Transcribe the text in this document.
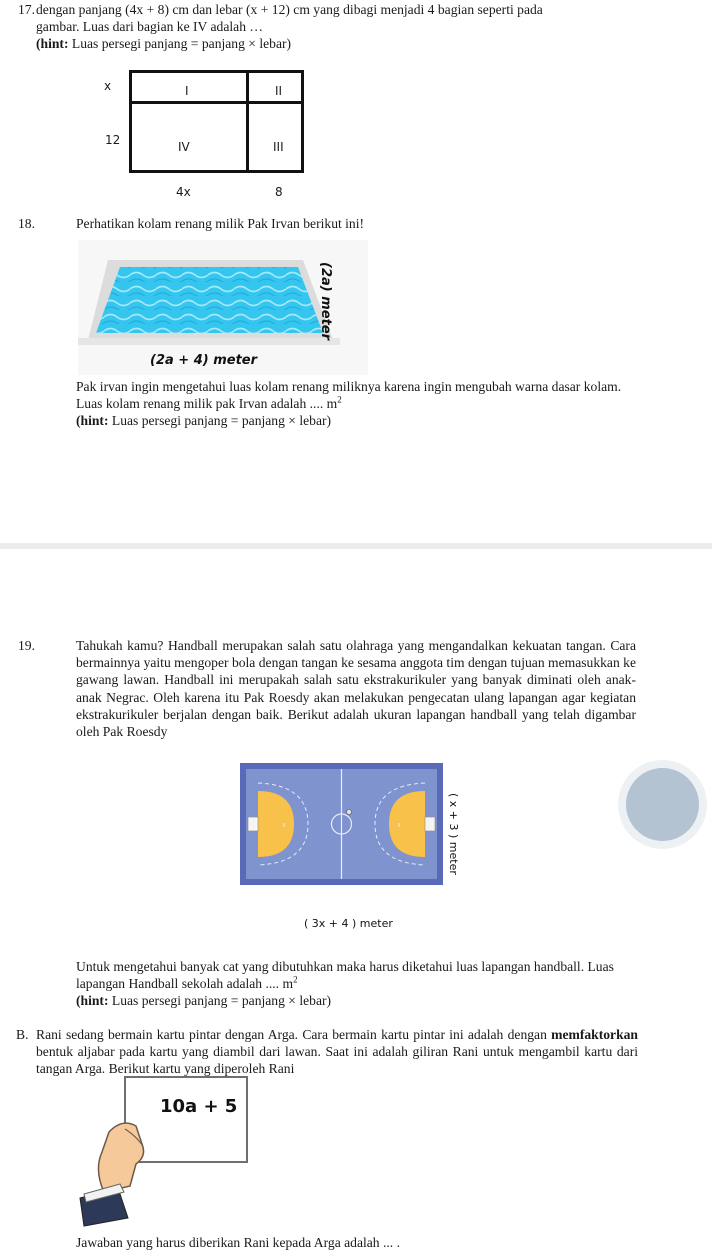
17. dengan panjang (4x + 8) cm dan lebar (x + 12) cm yang dibagi menjadi 4 bagian seperti pada
gambar. Luas dari bagian ke IV adalah …
(hint: Luas persegi panjang = panjang × lebar)
x
12
4x	8
I	II
IV	III
18.	Perhatikan kolam renang milik Pak Irvan berikut ini!
(2a + 4) meter
(2a) meter
Pak irvan ingin mengetahui luas kolam renang miliknya karena ingin mengubah warna dasar kolam.
Luas kolam renang milik pak Irvan adalah .... $m^2$
(hint: Luas persegi panjang = panjang × lebar)
19.	Tahukah kamu? Handball merupakan salah satu olahraga yang mengandalkan kekuatan tangan. Cara bermainnya yaitu mengoper bola dengan tangan ke sesama anggota tim dengan tujuan memasukkan ke gawang lawan. Handball ini merupakah salah satu ekstrakurikuler yang banyak diminati oleh anak-anak Negrac. Oleh karena itu Pak Roesdy akan melakukan pengecatan ulang lapangan agar kegiatan ekstrakurikuler berjalan dengan baik. Berikut adalah ukuran lapangan handball yang telah digambar oleh Pak Roesdy
( 3x + 4 ) meter
( x + 3 ) meter
Untuk mengetahui banyak cat yang dibutuhkan maka harus diketahui luas lapangan handball. Luas
lapangan Handball sekolah adalah .... $m^2$
(hint: Luas persegi panjang = panjang × lebar)
B. Rani sedang bermain kartu pintar dengan Arga. Cara bermain kartu pintar ini adalah dengan memfaktorkan bentuk aljabar pada kartu yang diambil dari lawan. Saat ini adalah giliran Rani untuk mengambil kartu dari tangan Arga. Berikut kartu yang diperoleh Rani
10a + 5
Jawaban yang harus diberikan Rani kepada Arga adalah ... .
